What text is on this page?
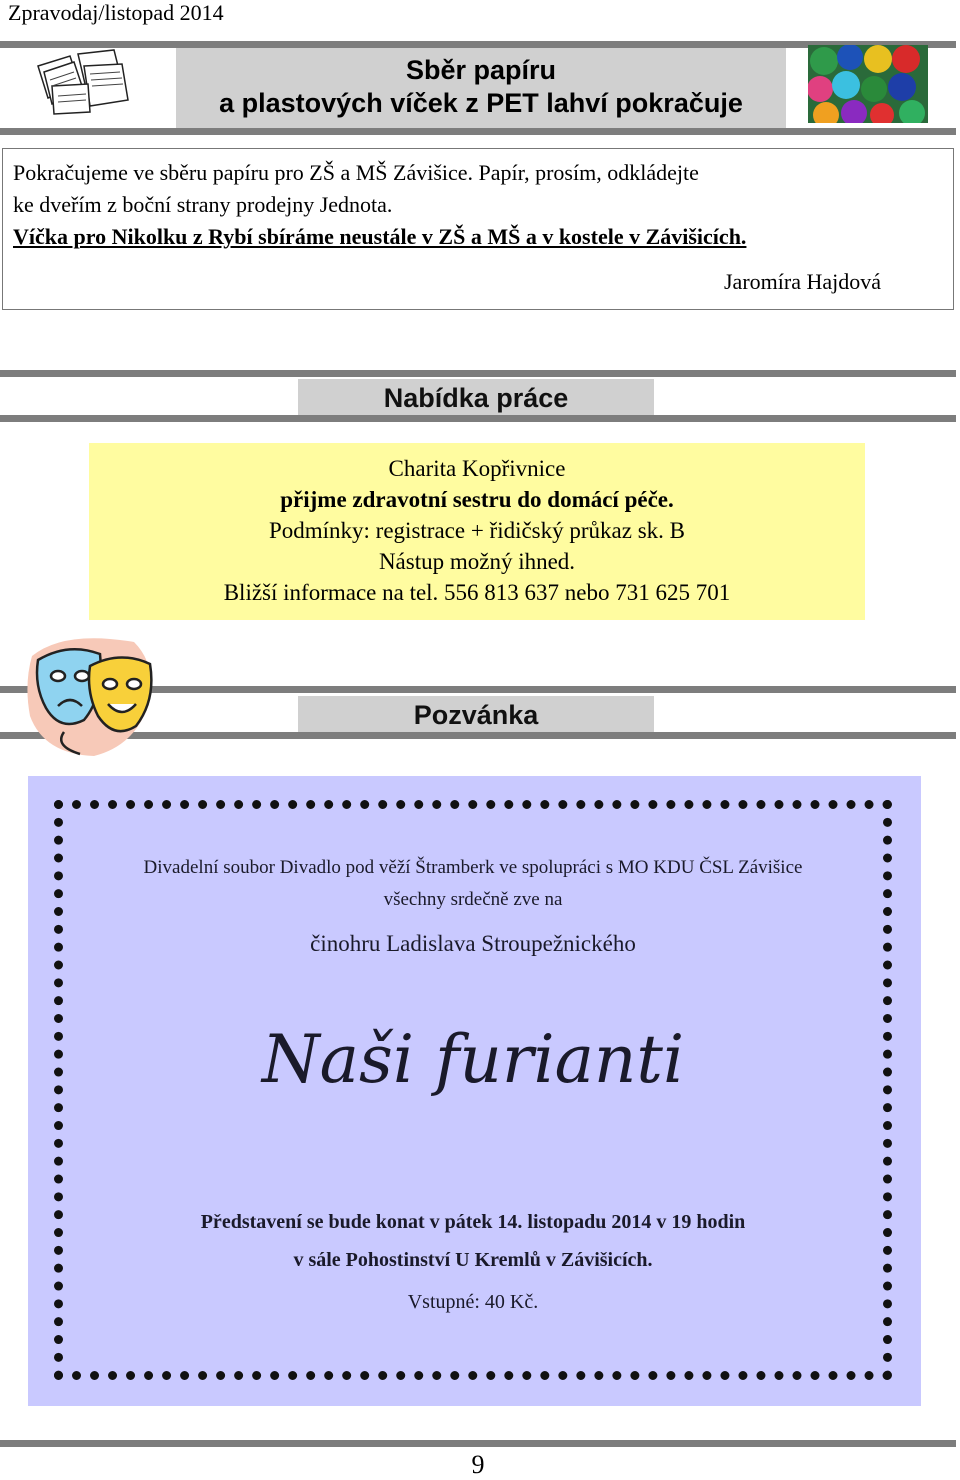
Zpravodaj/listopad 2014
Sběr papíru
a plastových víček z PET lahví pokračuje
Pokračujeme ve sběru papíru pro ZŠ a MŠ Závišice. Papír, prosím, odkládejte
ke dveřím z boční strany prodejny Jednota.
Víčka pro Nikolku z Rybí sbíráme neustále v ZŠ a MŠ a v kostele v Závišicích.
Jaromíra Hajdová
Nabídka práce
Charita Kopřivnice
přijme zdravotní sestru do domácí péče.
Podmínky: registrace + řidičský průkaz sk. B
Nástup možný ihned.
Bližší informace na tel. 556 813 637 nebo 731 625 701
Pozvánka
Divadelní soubor Divadlo pod věží Štramberk ve spolupráci s MO KDU ČSL Závišice
všechny srdečně zve na
činohru Ladislava Stroupežnického
Naši furianti
Představení se bude konat v pátek 14. listopadu 2014 v 19 hodin
v sále Pohostinství U Kremlů v Závišicích.
Vstupné: 40 Kč.
9
